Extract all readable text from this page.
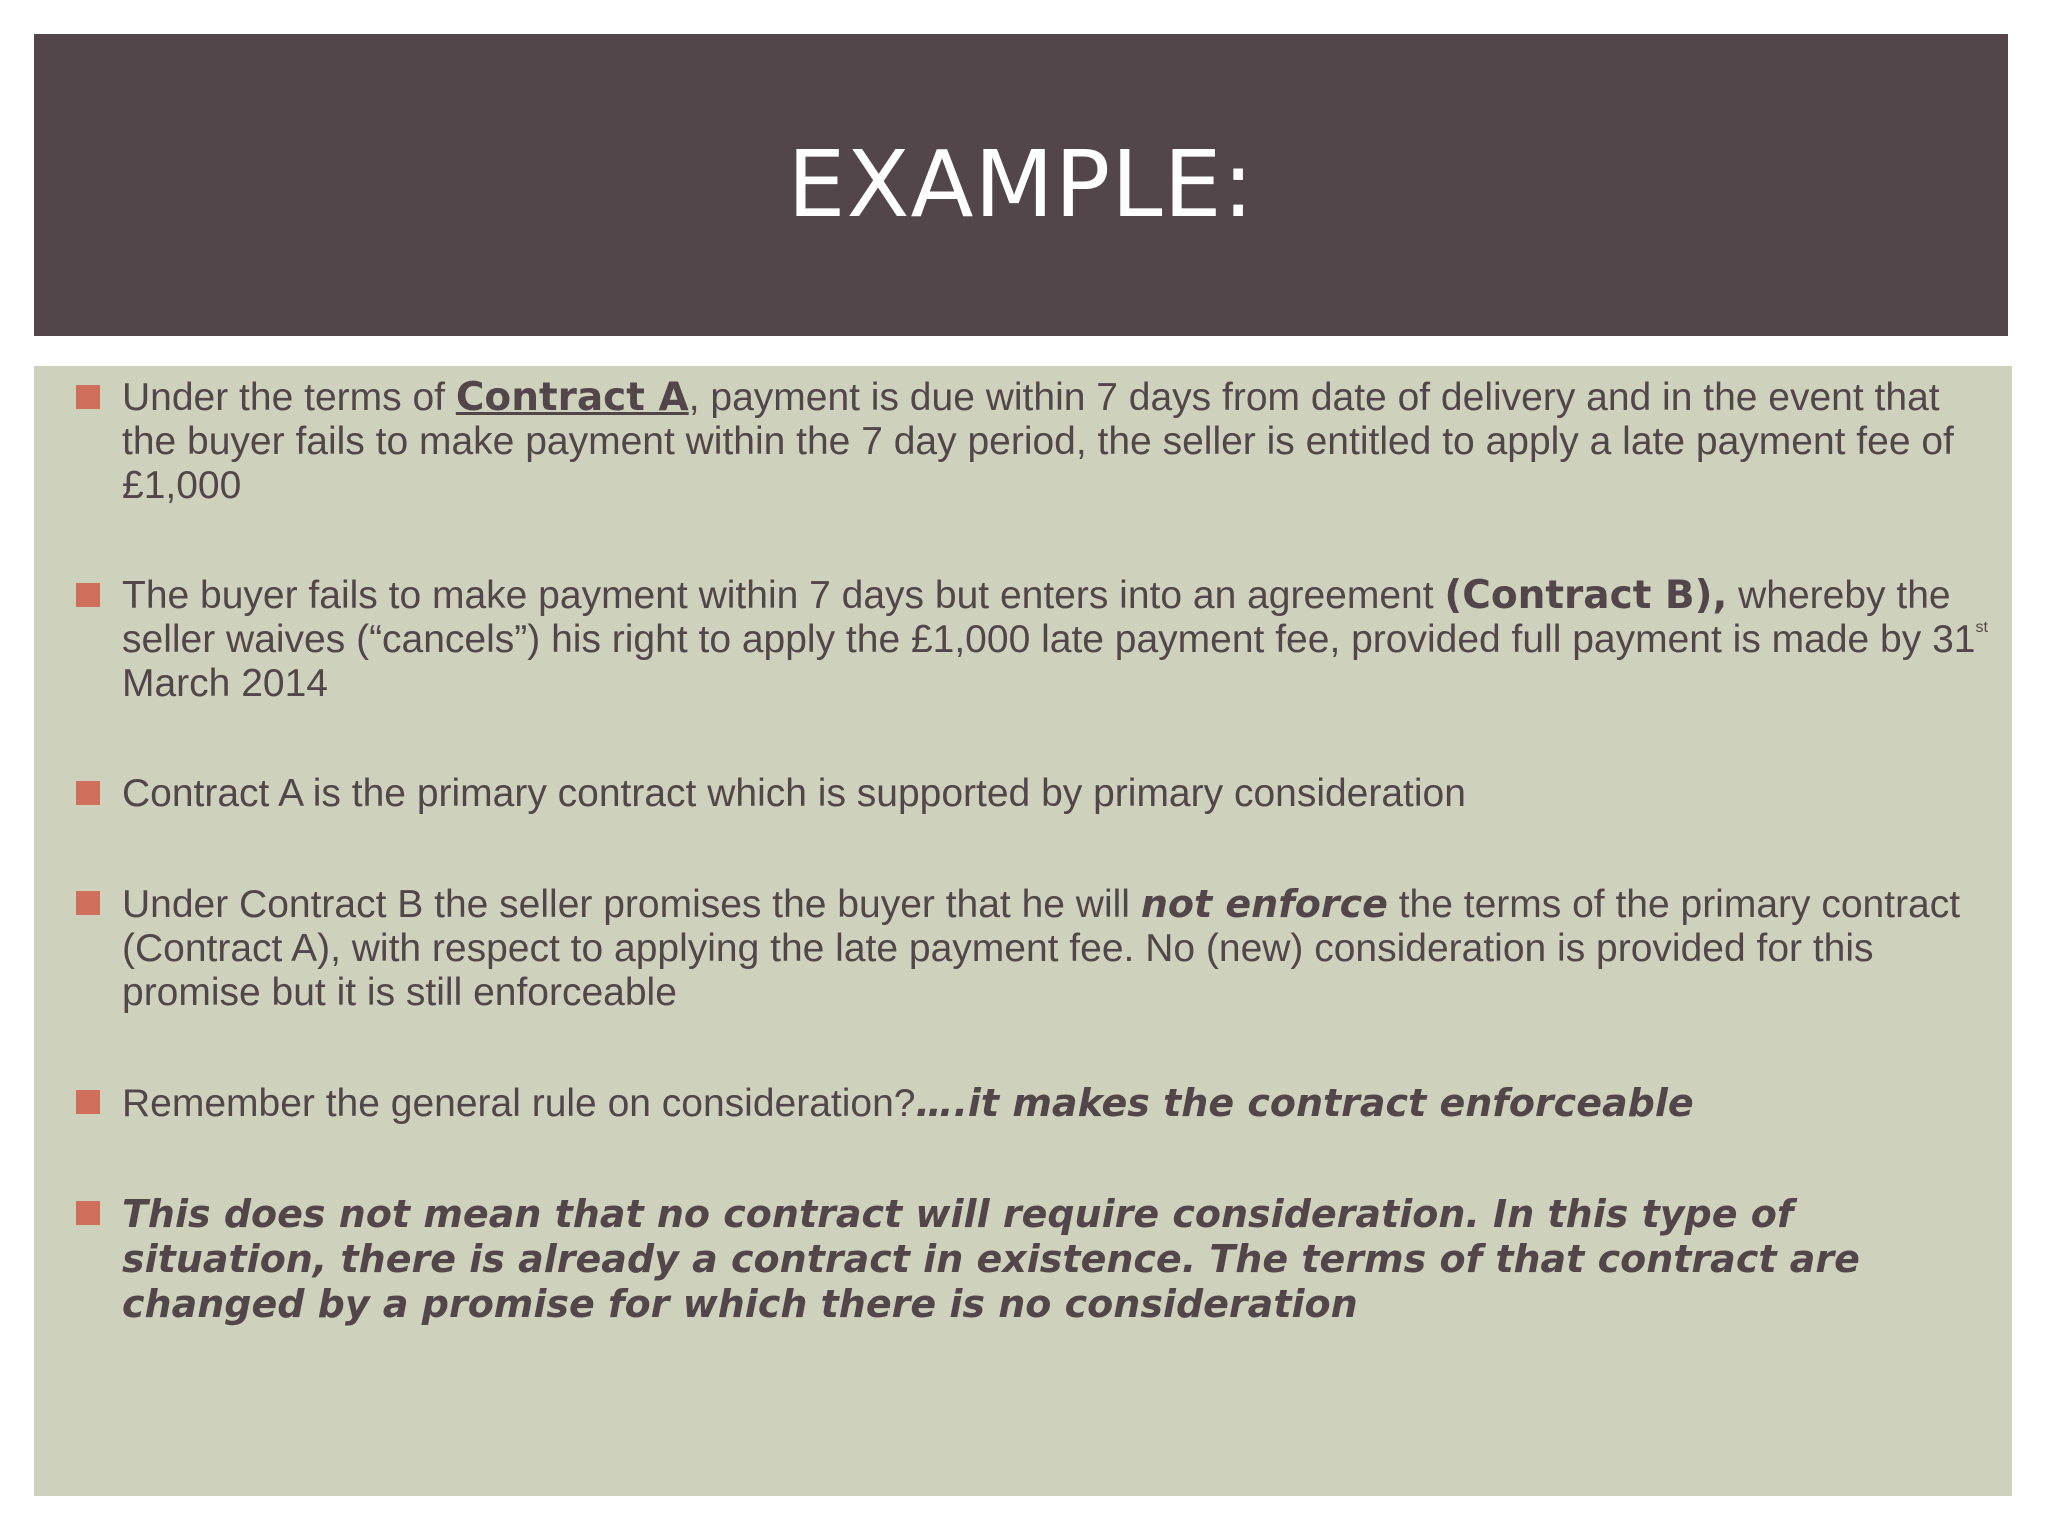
EXAMPLE:
Under the terms of Contract A, payment is due within 7 days from date of delivery and in the event that the buyer fails to make payment within the 7 day period, the seller is entitled to apply a late payment fee of £1,000
The buyer fails to make payment within 7 days but enters into an agreement (Contract B), whereby the seller waives (“cancels”) his right to apply the £1,000 late payment fee, provided full payment is made by 31st March 2014
Contract A is the primary contract which is supported by primary consideration
Under Contract B the seller promises the buyer that he will not enforce the terms of the primary contract (Contract A), with respect to applying the late payment fee. No (new) consideration is provided for this promise but it is still enforceable
Remember the general rule on consideration?….it makes the contract enforceable
This does not mean that no contract will require consideration. In this type of situation, there is already a contract in existence. The terms of that contract are changed by a promise for which there is no consideration
